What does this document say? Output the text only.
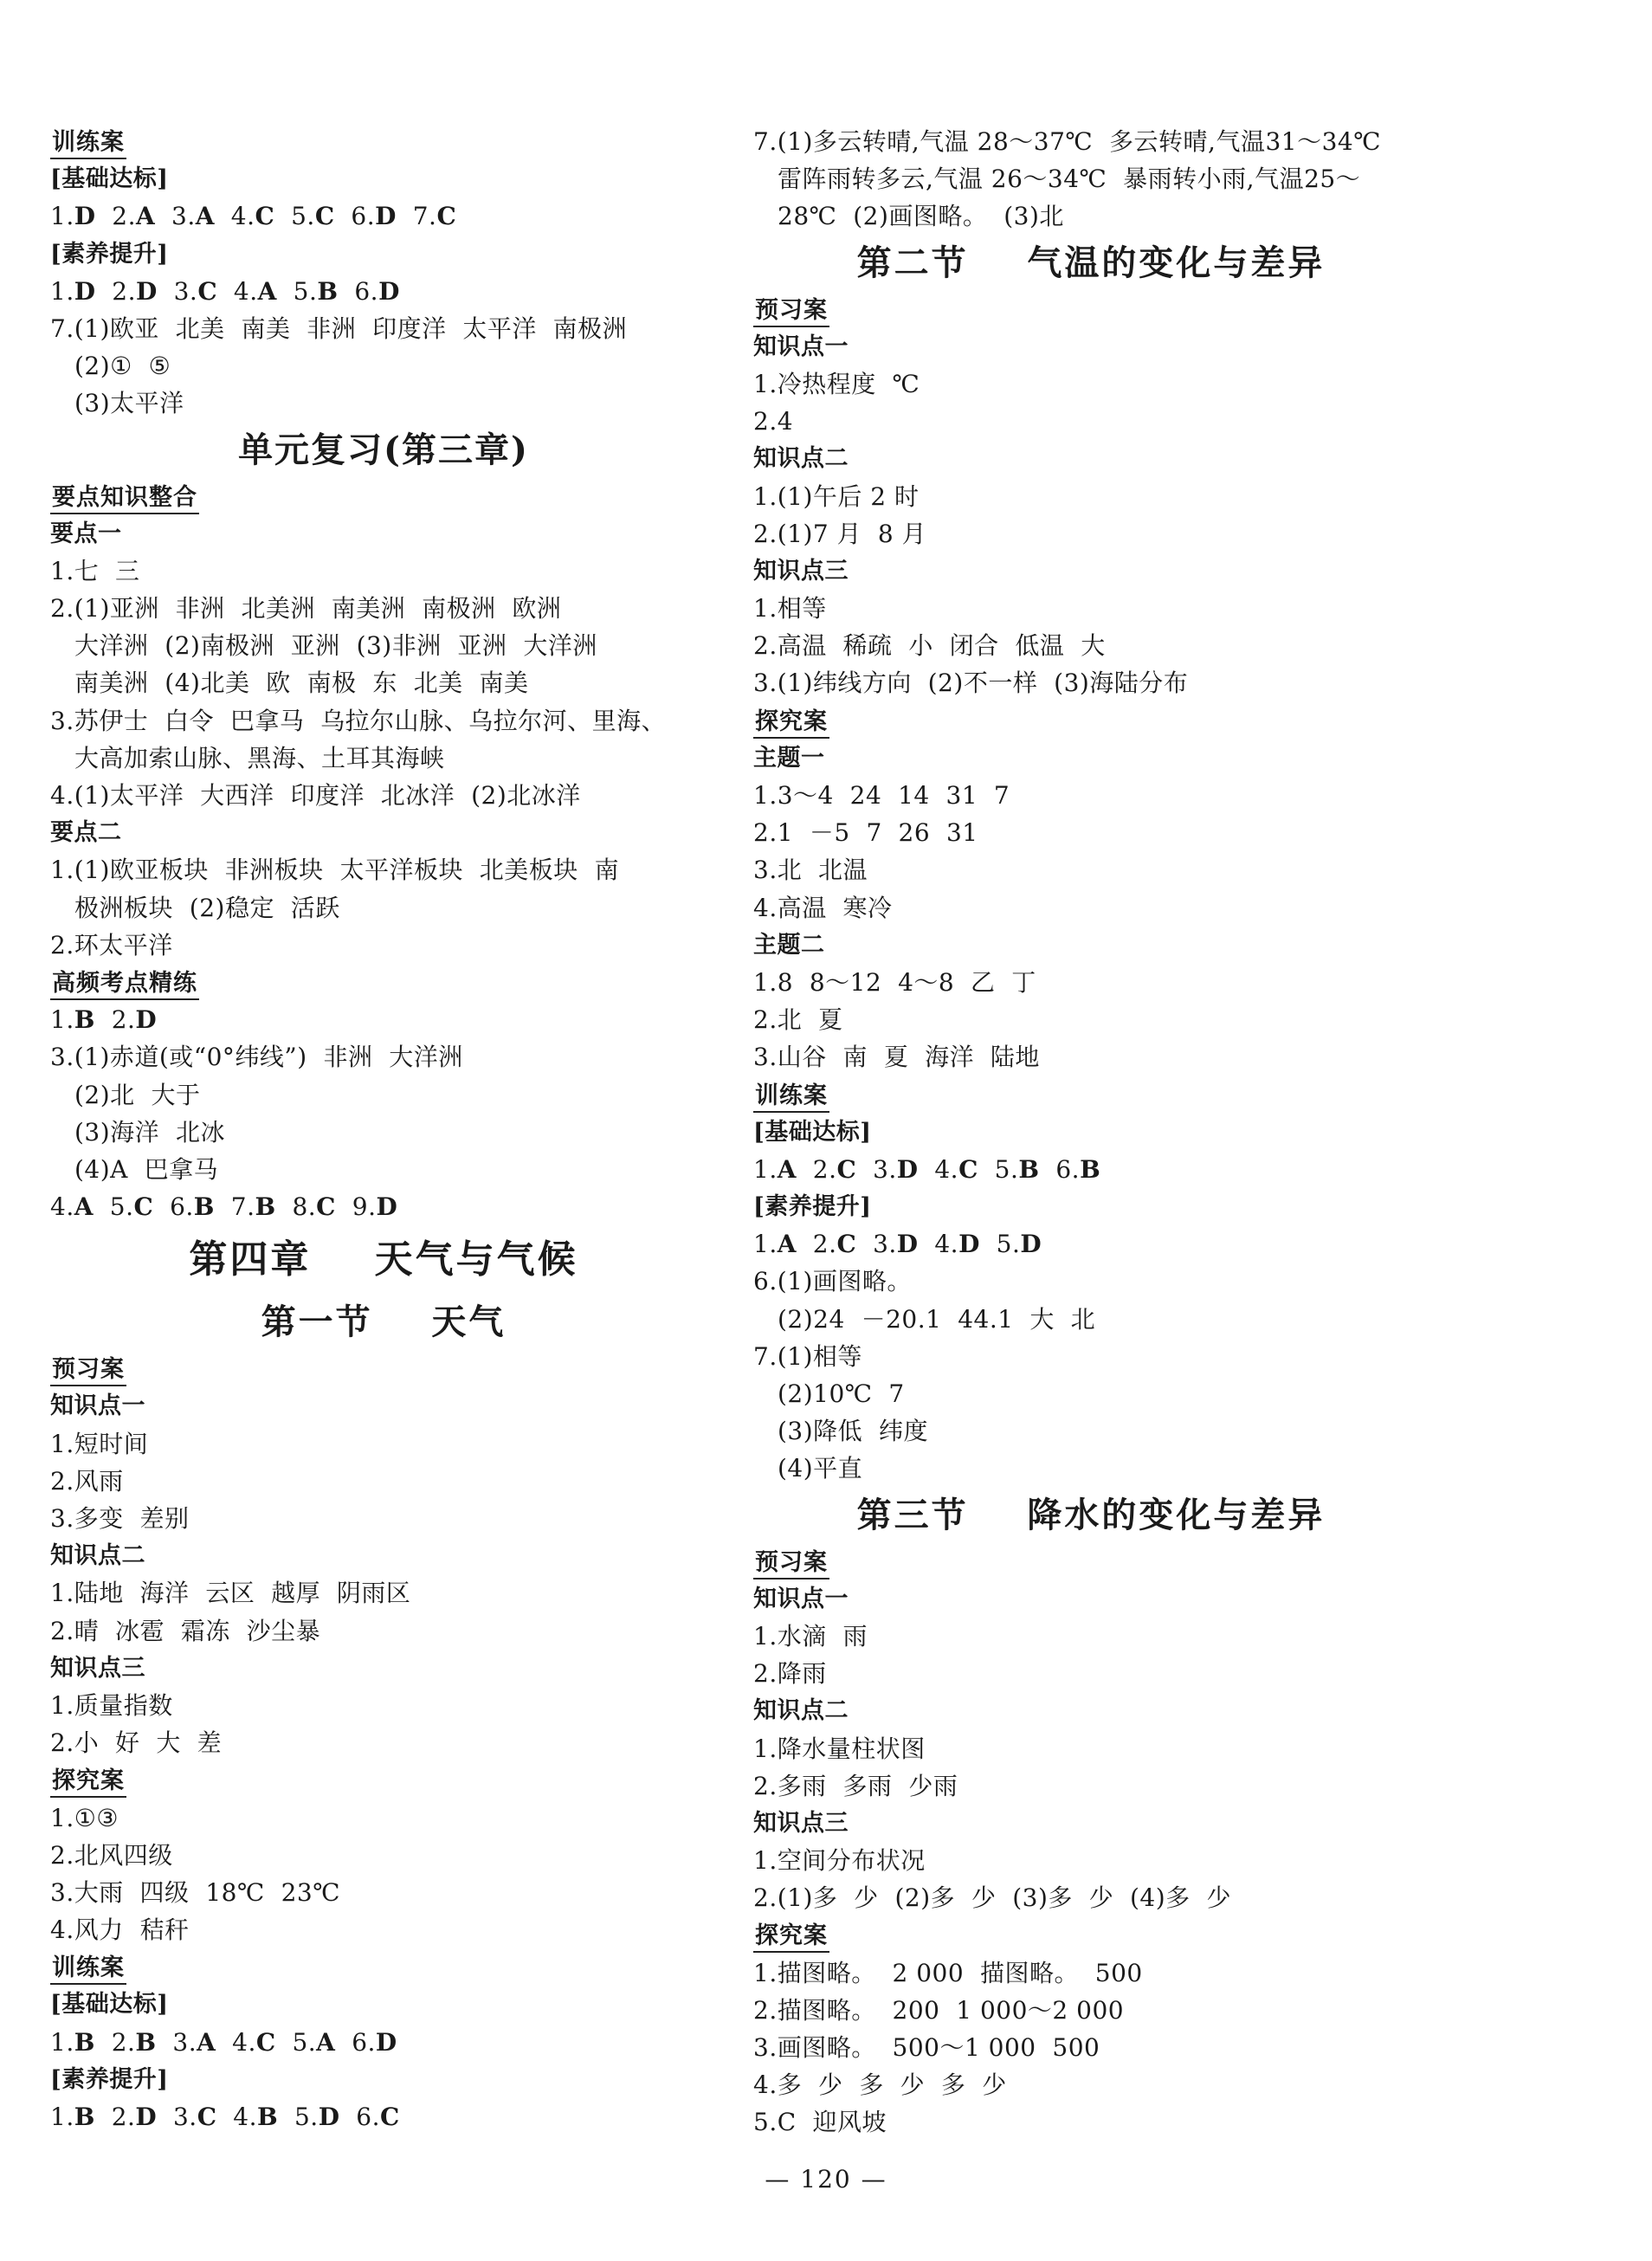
训练案
[基础达标]
1.D  2.A  3.A  4.C  5.C  6.D  7.C
[素养提升]
1.D  2.D  3.C  4.A  5.B  6.D
7.(1)欧亚  北美  南美  非洲  印度洋  太平洋  南极洲
(2)①  ⑤
(3)太平洋
单元复习(第三章)
要点知识整合
要点一
1.七  三
2.(1)亚洲  非洲  北美洲  南美洲  南极洲  欧洲
大洋洲  (2)南极洲  亚洲  (3)非洲  亚洲  大洋洲
南美洲  (4)北美  欧  南极  东  北美  南美
3.苏伊士  白令  巴拿马  乌拉尔山脉、乌拉尔河、里海、
大高加索山脉、黑海、土耳其海峡
4.(1)太平洋  大西洋  印度洋  北冰洋  (2)北冰洋
要点二
1.(1)欧亚板块  非洲板块  太平洋板块  北美板块  南
极洲板块  (2)稳定  活跃
2.环太平洋
高频考点精练
1.B  2.D
3.(1)赤道(或“0°纬线”)  非洲  大洋洲
(2)北  大于
(3)海洋  北冰
(4)A  巴拿马
4.A  5.C  6.B  7.B  8.C  9.D
第四章    天气与气候
第一节    天气
预习案
知识点一
1.短时间
2.风雨
3.多变  差别
知识点二
1.陆地  海洋  云区  越厚  阴雨区
2.晴  冰雹  霜冻  沙尘暴
知识点三
1.质量指数
2.小  好  大  差
探究案
1.①③
2.北风四级
3.大雨  四级  18℃  23℃
4.风力  秸秆
训练案
[基础达标]
1.B  2.B  3.A  4.C  5.A  6.D
[素养提升]
1.B  2.D  3.C  4.B  5.D  6.C
7.(1)多云转晴,气温 28～37℃  多云转晴,气温31～34℃
雷阵雨转多云,气温 26～34℃  暴雨转小雨,气温25～
28℃  (2)画图略。  (3)北
第二节    气温的变化与差异
预习案
知识点一
1.冷热程度  ℃
2.4
知识点二
1.(1)午后 2 时
2.(1)7 月  8 月
知识点三
1.相等
2.高温  稀疏  小  闭合  低温  大
3.(1)纬线方向  (2)不一样  (3)海陆分布
探究案
主题一
1.3～4  24  14  31  7
2.1  －5  7  26  31
3.北  北温
4.高温  寒冷
主题二
1.8  8～12  4～8  乙  丁
2.北  夏
3.山谷  南  夏  海洋  陆地
训练案
[基础达标]
1.A  2.C  3.D  4.C  5.B  6.B
[素养提升]
1.A  2.C  3.D  4.D  5.D
6.(1)画图略。
(2)24  －20.1  44.1  大  北
7.(1)相等
(2)10℃  7
(3)降低  纬度
(4)平直
第三节    降水的变化与差异
预习案
知识点一
1.水滴  雨
2.降雨
知识点二
1.降水量柱状图
2.多雨  多雨  少雨
知识点三
1.空间分布状况
2.(1)多  少  (2)多  少  (3)多  少  (4)多  少
探究案
1.描图略。  2 000  描图略。  500
2.描图略。  200  1 000～2 000
3.画图略。  500～1 000  500
4.多  少  多  少  多  少
5.C  迎风坡
— 120 —
